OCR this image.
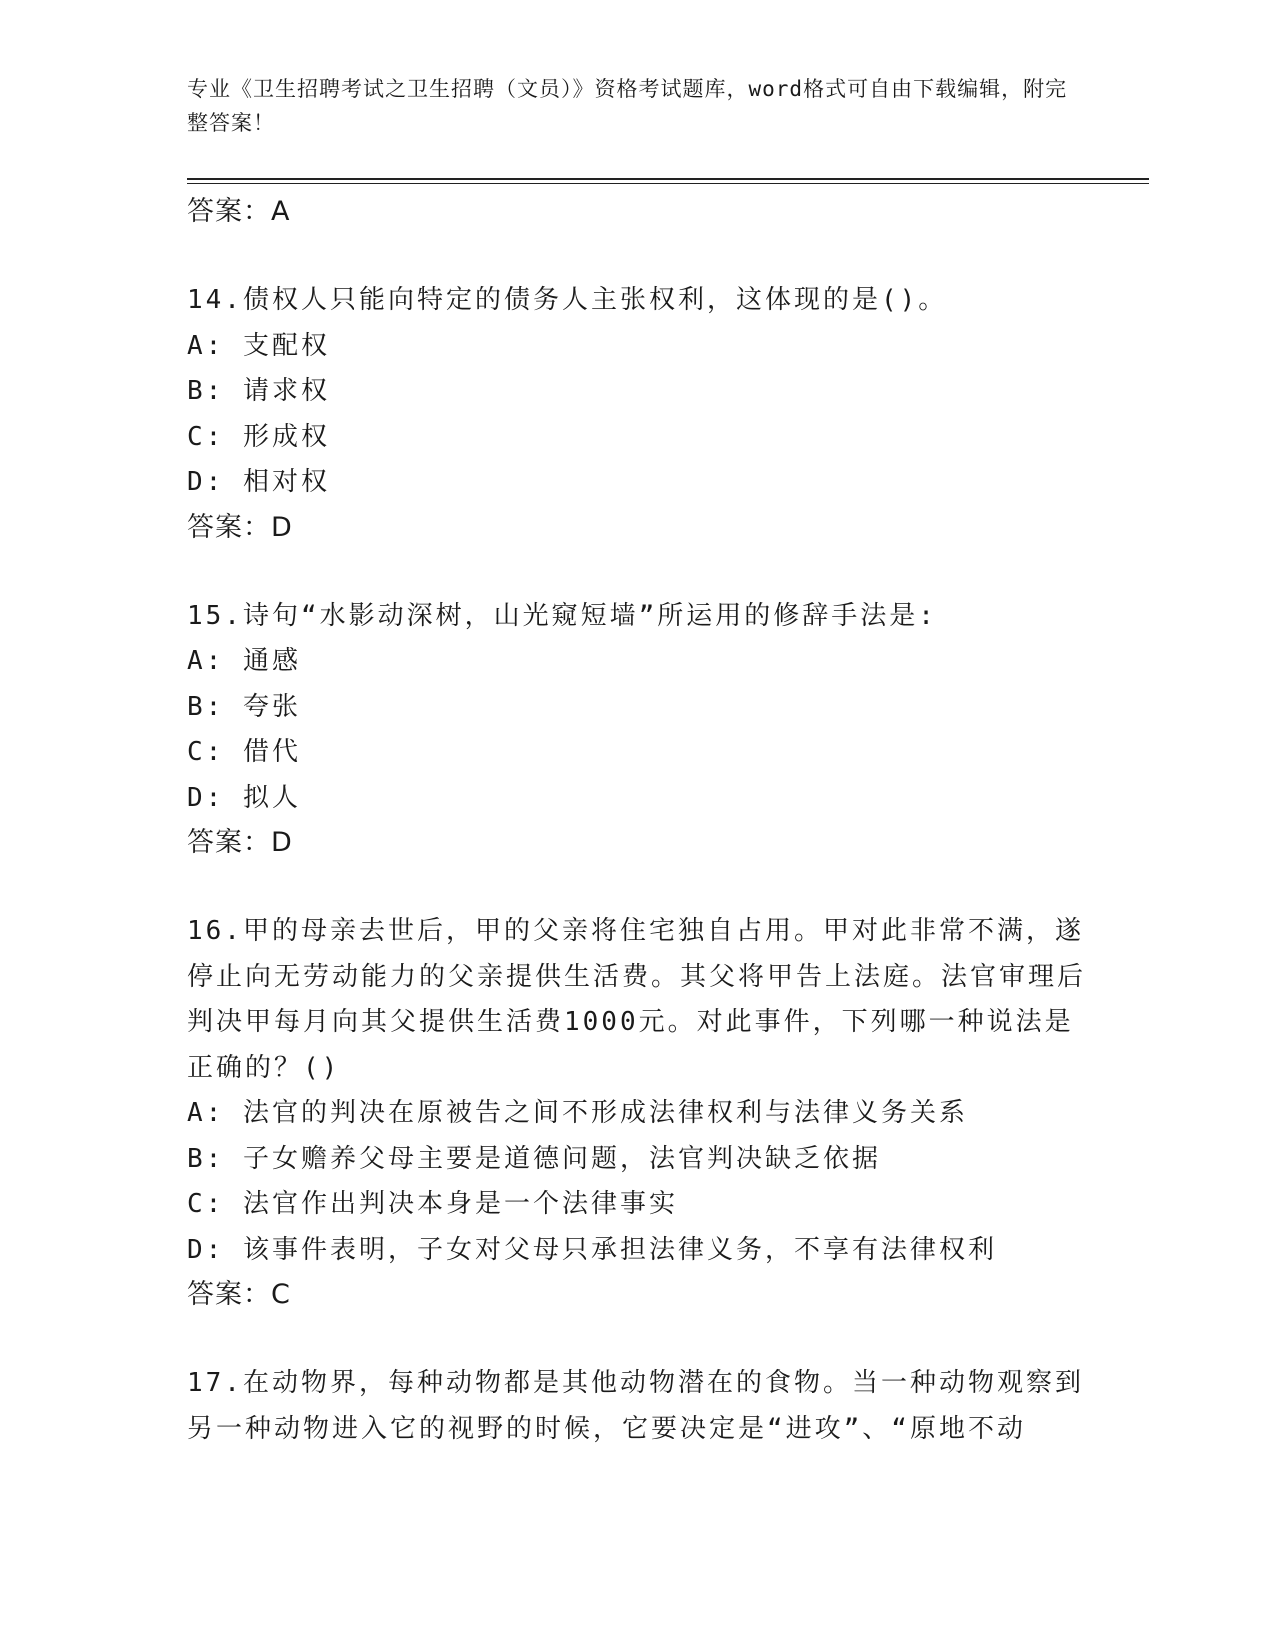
专业《卫生招聘考试之卫生招聘（文员）》资格考试题库，word格式可自由下载编辑，附完整答案！
答案：A
14.债权人只能向特定的债务人主张权利，这体现的是()。
A: 支配权
B: 请求权
C: 形成权
D: 相对权
答案：D
15.诗句“水影动深树，山光窥短墙”所运用的修辞手法是:
A: 通感
B: 夸张
C: 借代
D: 拟人
答案：D
16.甲的母亲去世后，甲的父亲将住宅独自占用。甲对此非常不满，遂停止向无劳动能力的父亲提供生活费。其父将甲告上法庭。法官审理后判决甲每月向其父提供生活费1000元。对此事件，下列哪一种说法是正确的？()
A: 法官的判决在原被告之间不形成法律权利与法律义务关系
B: 子女赡养父母主要是道德问题，法官判决缺乏依据
C: 法官作出判决本身是一个法律事实
D: 该事件表明，子女对父母只承担法律义务，不享有法律权利
答案：C
17.在动物界，每种动物都是其他动物潜在的食物。当一种动物观察到另一种动物进入它的视野的时候，它要决定是“进攻”、“原地不动
